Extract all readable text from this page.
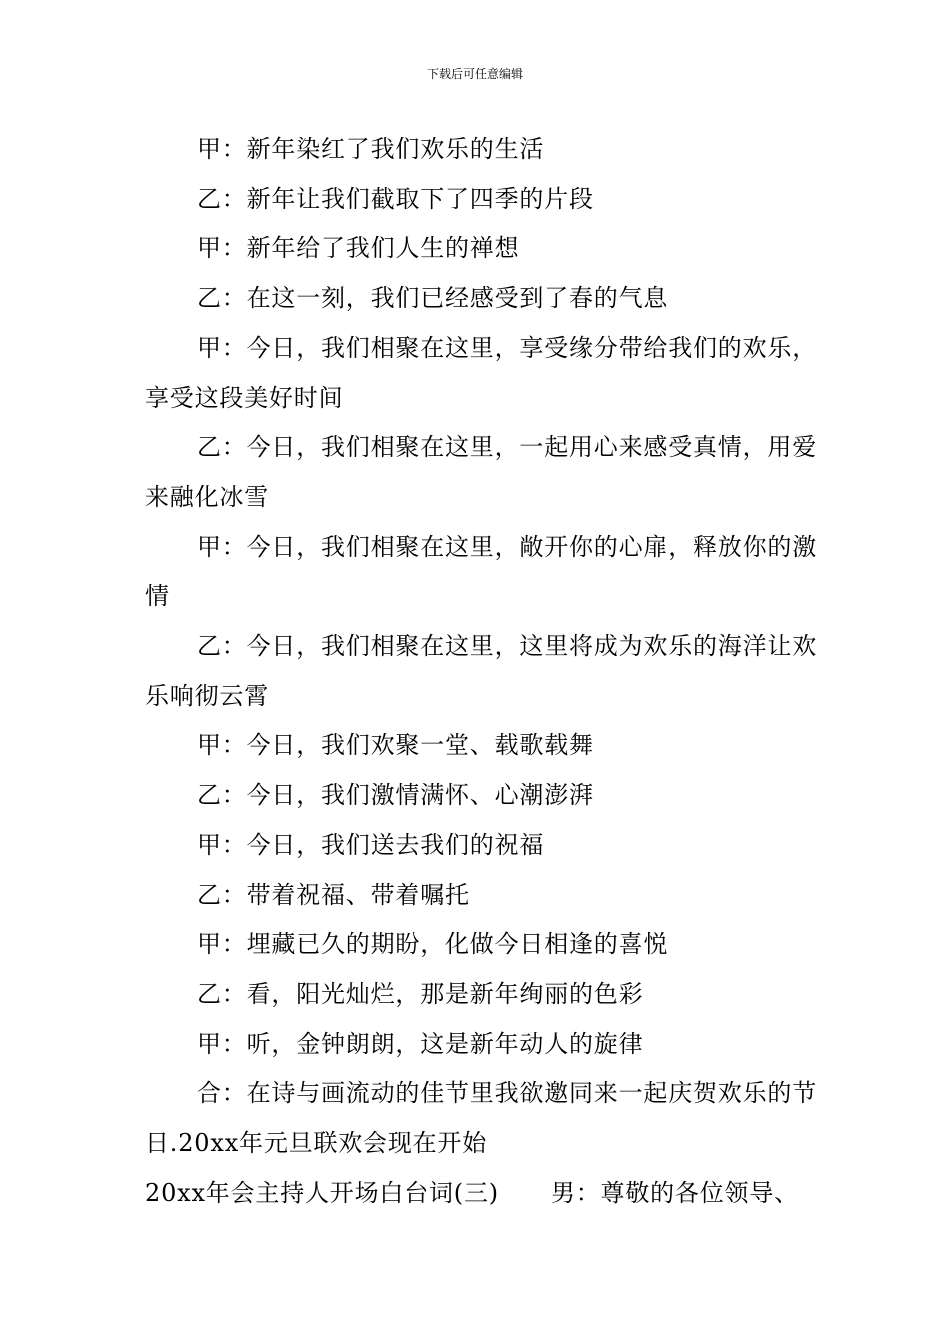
下载后可任意编辑

甲：新年染红了我们欢乐的生活

乙：新年让我们截取下了四季的片段

甲：新年给了我们人生的禅想

乙：在这一刻，我们已经感受到了春的气息

甲：今日，我们相聚在这里，享受缘分带给我们的欢乐，享受这段美好时间

乙：今日，我们相聚在这里，一起用心来感受真情，用爱来融化冰雪

甲：今日，我们相聚在这里，敞开你的心扉，释放你的激情

乙：今日，我们相聚在这里，这里将成为欢乐的海洋让欢乐响彻云霄

甲：今日，我们欢聚一堂、载歌载舞

乙：今日，我们激情满怀、心潮澎湃

甲：今日，我们送去我们的祝福

乙：带着祝福、带着嘱托

甲：埋藏已久的期盼，化做今日相逢的喜悦

乙：看，阳光灿烂，那是新年绚丽的色彩

甲：听，金钟朗朗，这是新年动人的旋律

合：在诗与画流动的佳节里我欲邀同来一起庆贺欢乐的节日.20xx年元旦联欢会现在开始

20xx年会主持人开场白台词(三) 男：尊敬的各位领导、
